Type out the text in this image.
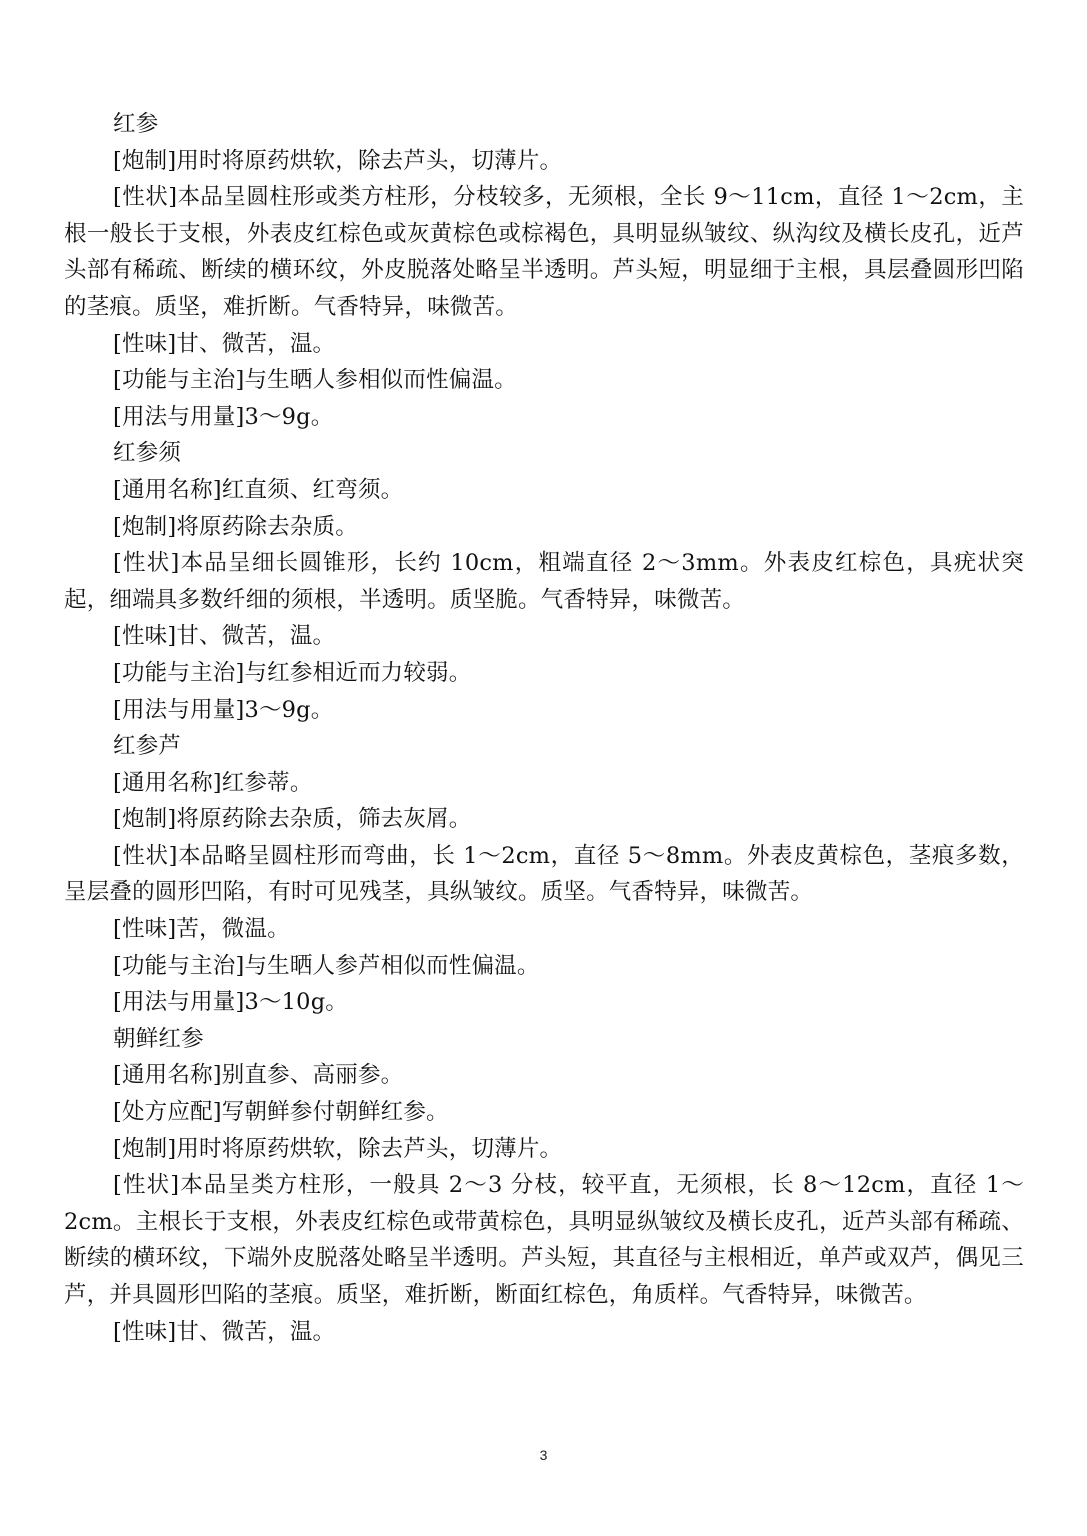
红参

[炮制]用时将原药烘软，除去芦头，切薄片。

[性状]本品呈圆柱形或类方柱形，分枝较多，无须根，全长 9～11cm，直径 1～2cm，主根一般长于支根，外表皮红棕色或灰黄棕色或棕褐色，具明显纵皱纹、纵沟纹及横长皮孔，近芦头部有稀疏、断续的横环纹，外皮脱落处略呈半透明。芦头短，明显细于主根，具层叠圆形凹陷的茎痕。质坚，难折断。气香特异，味微苦。

[性味]甘、微苦，温。

[功能与主治]与生晒人参相似而性偏温。

[用法与用量]3～9g。

红参须

[通用名称]红直须、红弯须。

[炮制]将原药除去杂质。

[性状]本品呈细长圆锥形，长约 10cm，粗端直径 2～3mm。外表皮红棕色，具疣状突起，细端具多数纤细的须根，半透明。质坚脆。气香特异，味微苦。

[性味]甘、微苦，温。

[功能与主治]与红参相近而力较弱。

[用法与用量]3～9g。

红参芦

[通用名称]红参蒂。

[炮制]将原药除去杂质，筛去灰屑。

[性状]本品略呈圆柱形而弯曲，长 1～2cm，直径 5～8mm。外表皮黄棕色，茎痕多数，呈层叠的圆形凹陷，有时可见残茎，具纵皱纹。质坚。气香特异，味微苦。

[性味]苦，微温。

[功能与主治]与生晒人参芦相似而性偏温。

[用法与用量]3～10g。

朝鲜红参

[通用名称]别直参、高丽参。

[处方应配]写朝鲜参付朝鲜红参。

[炮制]用时将原药烘软，除去芦头，切薄片。

[性状]本品呈类方柱形，一般具 2～3 分枝，较平直，无须根，长 8～12cm，直径 1～2cm。主根长于支根，外表皮红棕色或带黄棕色，具明显纵皱纹及横长皮孔，近芦头部有稀疏、断续的横环纹，下端外皮脱落处略呈半透明。芦头短，其直径与主根相近，单芦或双芦，偶见三芦，并具圆形凹陷的茎痕。质坚，难折断，断面红棕色，角质样。气香特异，味微苦。

[性味]甘、微苦，温。

3
